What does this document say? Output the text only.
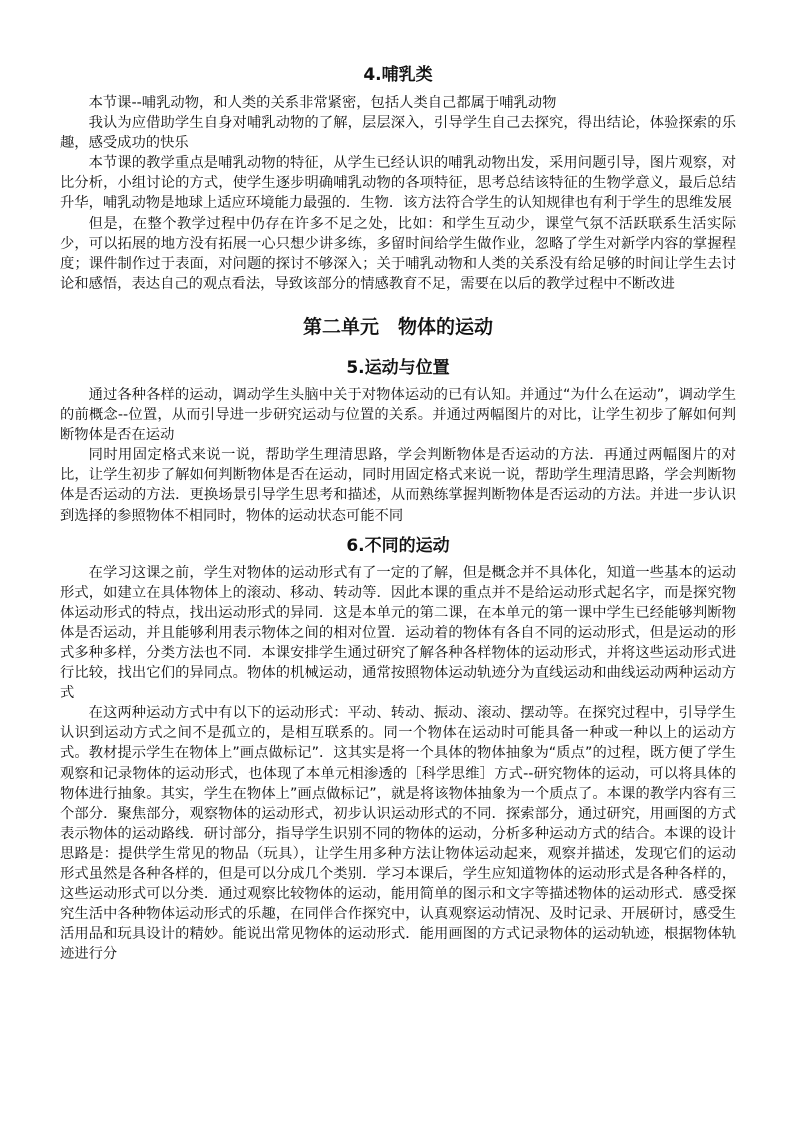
4.哺乳类

本节课--哺乳动物，和人类的关系非常紧密，包括人类自己都属于哺乳动物

我认为应借助学生自身对哺乳动物的了解，层层深入，引导学生自己去探究，得出结论，体验探索的乐趣，感受成功的快乐

本节课的教学重点是哺乳动物的特征，从学生已经认识的哺乳动物出发，采用问题引导，图片观察，对比分析，小组讨论的方式，使学生逐步明确哺乳动物的各项特征，思考总结该特征的生物学意义，最后总结升华，哺乳动物是地球上适应环境能力最强的．生物．该方法符合学生的认知规律也有利于学生的思维发展

但是，在整个教学过程中仍存在许多不足之处，比如：和学生互动少，课堂气氛不活跃联系生活实际少，可以拓展的地方没有拓展一心只想少讲多练，多留时间给学生做作业，忽略了学生对新学内容的掌握程度；课件制作过于表面，对问题的探讨不够深入；关于哺乳动物和人类的关系没有给足够的时间让学生去讨论和感悟，表达自己的观点看法，导致该部分的情感教育不足，需要在以后的教学过程中不断改进

第二单元　物体的运动
5.运动与位置

通过各种各样的运动，调动学生头脑中关于对物体运动的已有认知。并通过“为什么在运动”，调动学生的前概念--位置，从而引导进一步研究运动与位置的关系。并通过两幅图片的对比，让学生初步了解如何判断物体是否在运动

同时用固定格式来说一说，帮助学生理清思路，学会判断物体是否运动的方法．再通过两幅图片的对比，让学生初步了解如何判断物体是否在运动，同时用固定格式来说一说，帮助学生理清思路，学会判断物体是否运动的方法．更换场景引导学生思考和描述，从而熟练掌握判断物体是否运动的方法。并进一步认识到选择的参照物体不相同时，物体的运动状态可能不同

6.不同的运动

在学习这课之前，学生对物体的运动形式有了一定的了解，但是概念并不具体化，知道一些基本的运动形式，如建立在具体物体上的滚动、移动、转动等．因此本课的重点并不是给运动形式起名字，而是探究物体运动形式的特点，找出运动形式的异同．这是本单元的第二课，在本单元的第一课中学生已经能够判断物体是否运动，并且能够利用表示物体之间的相对位置．运动着的物体有各自不同的运动形式，但是运动的形式多种多样，分类方法也不同．本课安排学生通过研究了解各种各样物体的运动形式，并将这些运动形式进行比较，找出它们的异同点。物体的机械运动，通常按照物体运动轨迹分为直线运动和曲线运动两种运动方式

在这两种运动方式中有以下的运动形式：平动、转动、振动、滚动、摆动等。在探究过程中，引导学生认识到运动方式之间不是孤立的，是相互联系的。同一个物体在运动时可能具备一种或一种以上的运动方式。教材提示学生在物体上”画点做标记”．这其实是将一个具体的物体抽象为“质点”的过程，既方便了学生观察和记录物体的运动形式，也体现了本单元相渗透的［科学思维］方式--研究物体的运动，可以将具体的物体进行抽象。其实，学生在物体上”画点做标记”，就是将该物体抽象为一个质点了。本课的教学内容有三个部分．聚焦部分，观察物体的运动形式，初步认识运动形式的不同．探索部分，通过研究，用画图的方式表示物体的运动路线．研讨部分，指导学生识别不同的物体的运动，分析多种运动方式的结合。本课的设计思路是：提供学生常见的物品（玩具），让学生用多种方法让物体运动起来，观察并描述，发现它们的运动形式虽然是各种各样的，但是可以分成几个类别．学习本课后，学生应知道物体的运动形式是各种各样的，这些运动形式可以分类．通过观察比较物体的运动，能用简单的图示和文字等描述物体的运动形式．感受探究生活中各种物体运动形式的乐趣，在同伴合作探究中，认真观察运动情况、及时记录、开展研讨，感受生活用品和玩具设计的精妙。能说出常见物体的运动形式．能用画图的方式记录物体的运动轨迹，根据物体轨迹进行分
